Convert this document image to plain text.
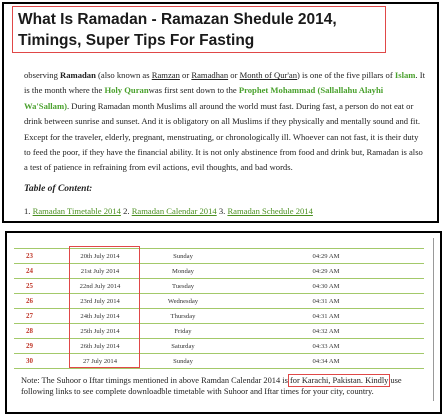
What Is Ramadan - Ramazan Shedule 2014, Timings, Super Tips For Fasting
observing Ramadan (also known as Ramzan or Ramadhan or Month of Qur'an) is one of the five pillars of Islam. It is the month where the Holy Quranwas first sent down to the Prophet Mohammad (Sallallahu Alayhi Wa'Sallam). During Ramadan month Muslims all around the world must fast. During fast, a person do not eat or drink between sunrise and sunset. And it is obligatory on all Muslims if they physically and mentally sound and fit. Except for the traveler, elderly, pregnant, menstruating, or chronologically ill. Whoever can not fast, it is their duty to feed the poor, if they have the financial ability. It is not only abstinence from food and drink but, Ramadan is also a test of patience in refraining from evil actions, evil thoughts, and bad words.
Table of Content:
1. Ramadan Timetable 2014 2. Ramadan Calendar 2014 3. Ramadan Schedule 2014
23	20th July 2014	Sunday	04:29 AM
24	21st July 2014	Monday	04:29 AM
25	22nd July 2014	Tuesday	04:30 AM
26	23rd July 2014	Wednesday	04:31 AM
27	24th July 2014	Thursday	04:31 AM
28	25th July 2014	Friday	04:32 AM
29	26th July 2014	Saturday	04:33 AM
30	27 July 2014	Sunday	04:34 AM
Note: The Suhoor o Iftar timings mentioned in above Ramdan Calendar 2014 is for Karachi, Pakistan. Kindly use following links to see complete downloadble timetable with Suhoor and Iftar times for your city, country.
